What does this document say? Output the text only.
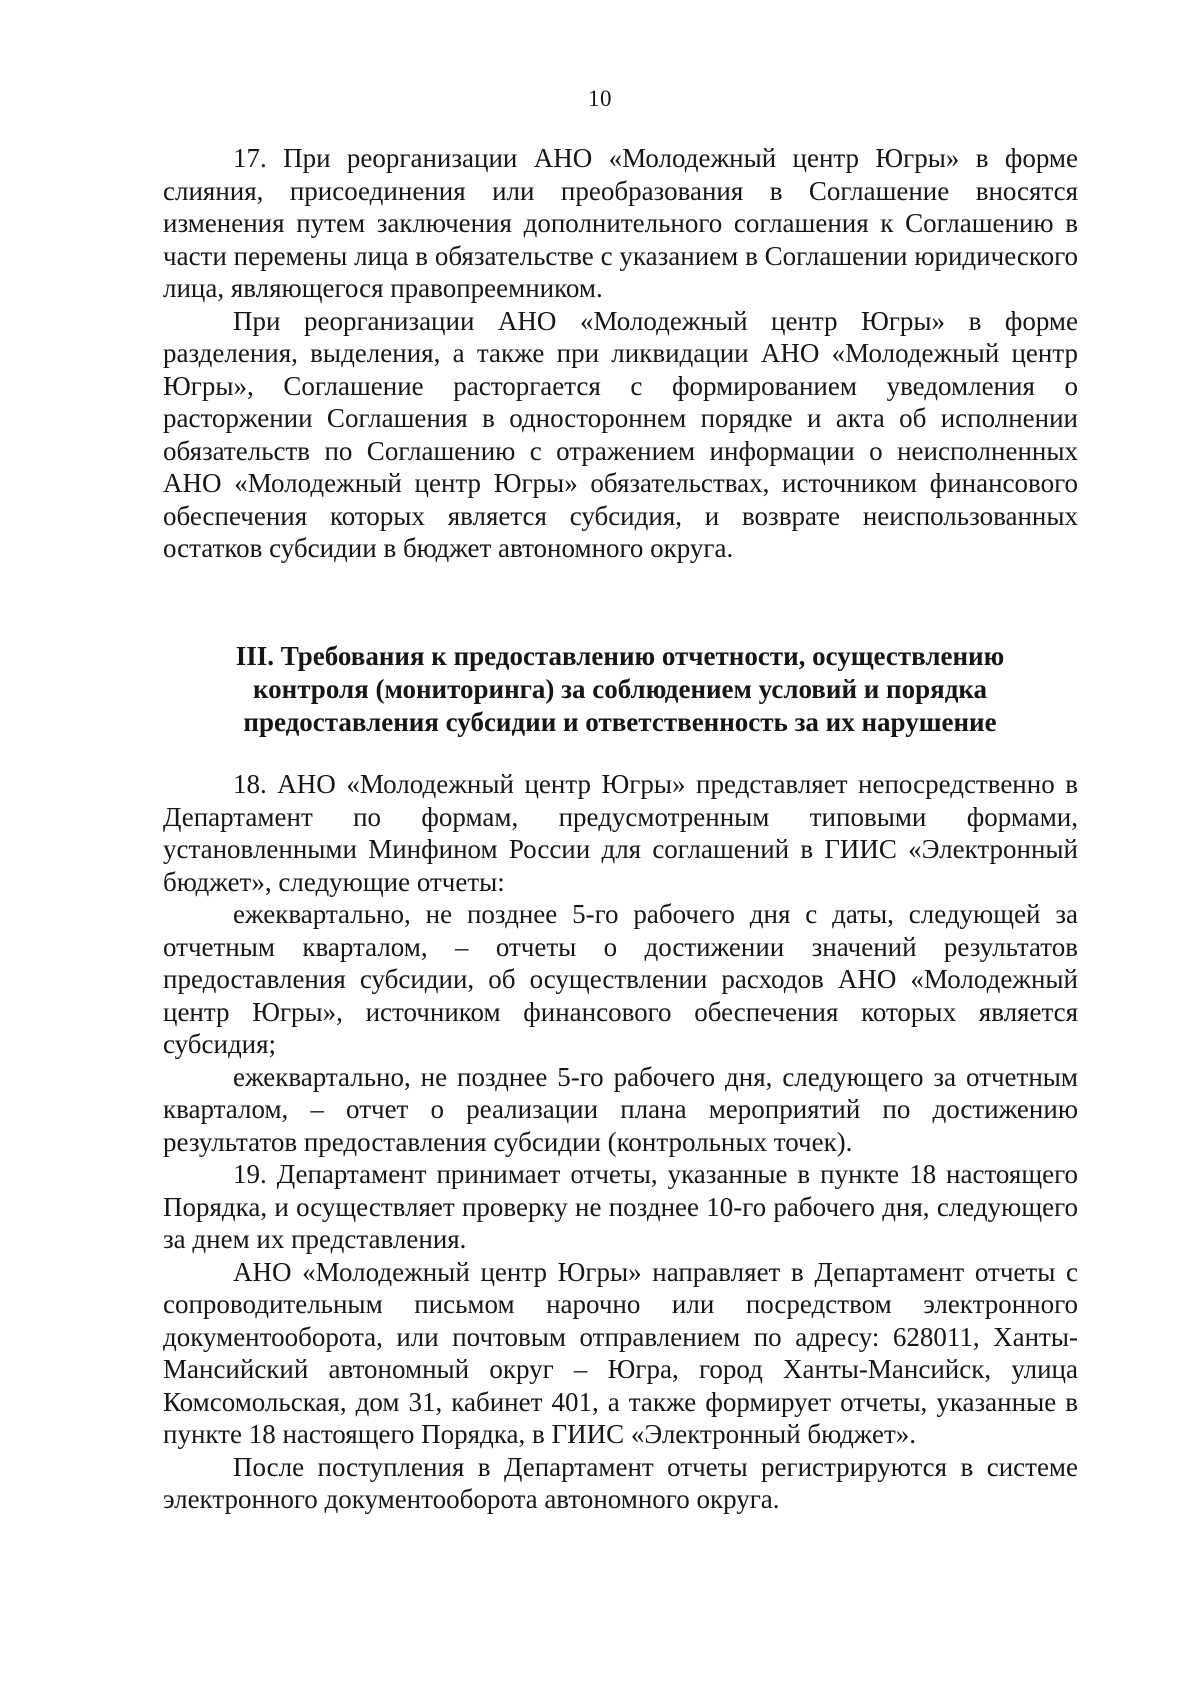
10

17. При реорганизации АНО «Молодежный центр Югры» в форме слияния, присоединения или преобразования в Соглашение вносятся изменения путем заключения дополнительного соглашения к Соглашению в части перемены лица в обязательстве с указанием в Соглашении юридического лица, являющегося правопреемником.

При реорганизации АНО «Молодежный центр Югры» в форме разделения, выделения, а также при ликвидации АНО «Молодежный центр Югры», Соглашение расторгается с формированием уведомления о расторжении Соглашения в одностороннем порядке и акта об исполнении обязательств по Соглашению с отражением информации о неисполненных АНО «Молодежный центр Югры» обязательствах, источником финансового обеспечения которых является субсидия, и возврате неиспользованных остатков субсидии в бюджет автономного округа.

III. Требования к предоставлению отчетности, осуществлению
контроля (мониторинга) за соблюдением условий и порядка
предоставления субсидии и ответственность за их нарушение

18. АНО «Молодежный центр Югры» представляет непосредственно в Департамент по формам, предусмотренным типовыми формами, установленными Минфином России для соглашений в ГИИС «Электронный бюджет», следующие отчеты:

ежеквартально, не позднее 5-го рабочего дня с даты, следующей за отчетным кварталом, – отчеты о достижении значений результатов предоставления субсидии, об осуществлении расходов АНО «Молодежный центр Югры», источником финансового обеспечения которых является субсидия;

ежеквартально, не позднее 5-го рабочего дня, следующего за отчетным кварталом, – отчет о реализации плана мероприятий по достижению результатов предоставления субсидии (контрольных точек).

19. Департамент принимает отчеты, указанные в пункте 18 настоящего Порядка, и осуществляет проверку не позднее 10-го рабочего дня, следующего за днем их представления.

АНО «Молодежный центр Югры» направляет в Департамент отчеты с сопроводительным письмом нарочно или посредством электронного документооборота, или почтовым отправлением по адресу: 628011, Ханты-Мансийский автономный округ – Югра, город Ханты-Мансийск, улица Комсомольская, дом 31, кабинет 401, а также формирует отчеты, указанные в пункте 18 настоящего Порядка, в ГИИС «Электронный бюджет».

После поступления в Департамент отчеты регистрируются в системе электронного документооборота автономного округа.
